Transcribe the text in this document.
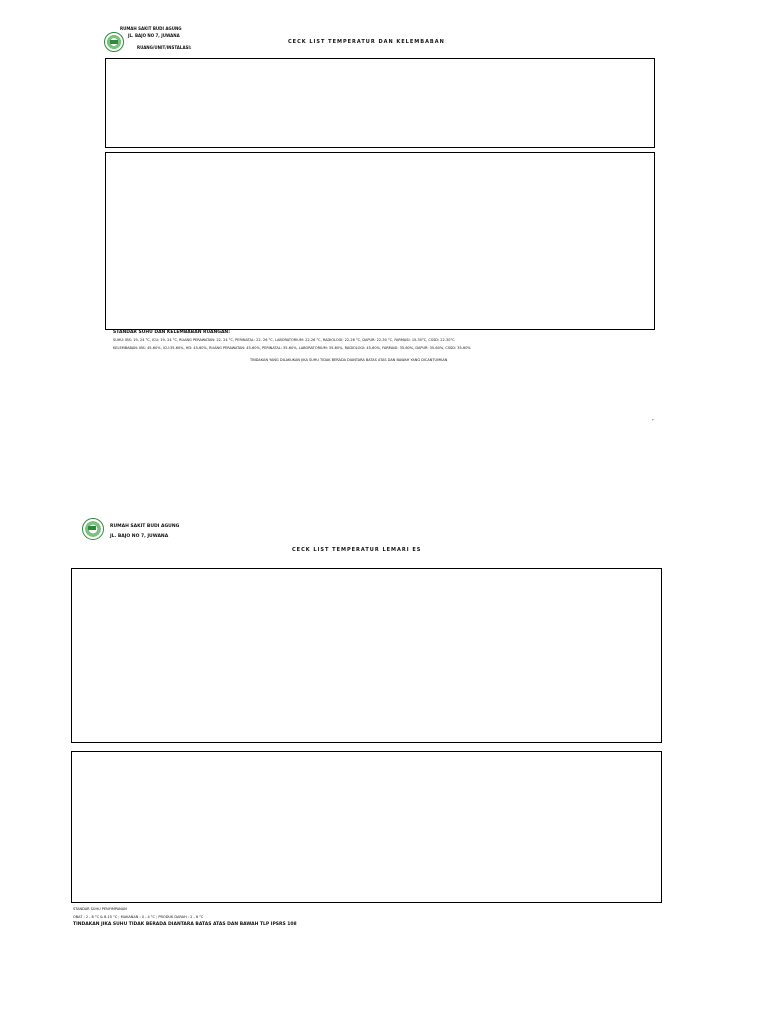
RUMAH SAKIT BUDI AGUNG
JL. BAJO NO 7, JUWANA
RUANG/UNIT/INSTALASI:
CECK LIST TEMPERATUR DAN KELEMBABAN
STANDAR SUHU DAN KELEMBABAN RUANGAN:
SUHU: IBS: 19- 24 °C, ICU: 19- 24 °C, RUANG PERAWATAN: 22- 24 °C, PERINATAL: 22- 26 °C, LABORATORIUM: 22-26 °C, RADIOLOGI: 22-26 °C, DAPUR: 22-30 °C, FARMASI: 15-30°C, CSSD: 22-30°C
KELEMBABAN: IBS: 45-60%, ICU:35-60%, HD: 45-60%, RUANG PERAWATAN: 45-60%, PERINATAL: 35-60%, LABORATORIUM: 35-60%, RADIOLOGI: 45-60%, FARMASI: 35-60%, DAPUR: 35-60%, CSSD: 35-60%
TINDAKAN YANG DILAKUKAN JIKA SUHU TIDAK BERADA DIANTARA BATAS ATAS DAN BAWAH YANG DICANTUMKAN
,
RUMAH SAKIT BUDI AGUNG
JL. BAJO NO 7, JUWANA
CECK LIST TEMPERATUR LEMARI ES
STANDAR SUHU PENYIMPANAN
OBAT : 2 - 8 °C & 8-15 °C ; MAKANAN : 0 - 4 °C ; PRODUK DARAH : 2 - 6 °C
TINDAKAN JIKA SUHU TIDAK BERADA DIANTARA BATAS ATAS DAN BAWAH TLP IPSRS 108
